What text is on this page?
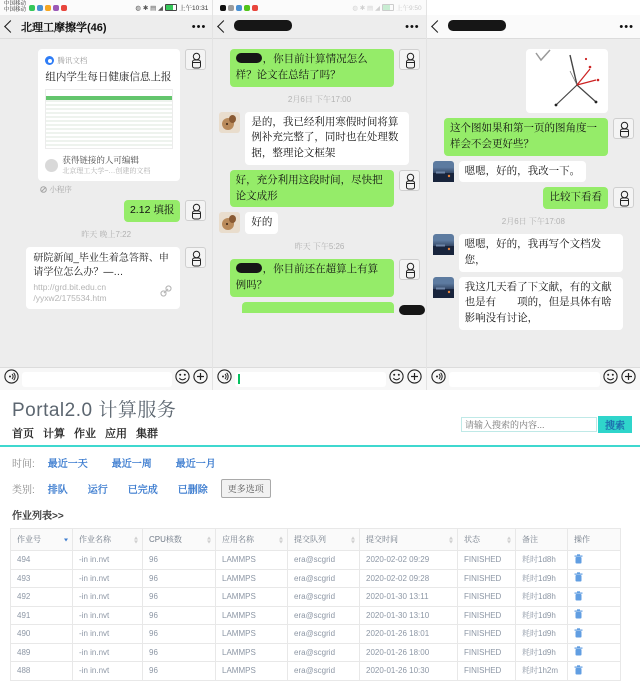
中国移动
中国移动	◍ ✱ ▤ ◢ 上午10:31
北理工摩擦学(46)	•••
腾讯文档
组内学生每日健康信息上报
获得链接的人可编辑
北京理工大学~…创建的文档
小程序
2.12 填报
昨天 晚上7:22
研院新闻_毕业生着急答辩、申请学位怎么办？—…
http://grd.bit.edu.cn
/yyxw2/175534.htm
◍ ✱ ▤ ◢ 上午9:50
•••
，你目前计算情况怎么样？论文在总结了吗？
2月6日 下午17:00
是的，我已经利用寒假时间将算例补充完整了，同时也在处理数据，整理论文框架
好，充分利用这段时间，尽快把论文成形
好的
昨天 下午5:26
，你目前还在超算上有算例吗？
•••
这个图如果和第一页的图角度一样会不会更好些？
嗯嗯，好的，我改一下。
比较下看看
2月6日 下午17:08
嗯嗯，好的，我再写个文档发您，
我这几天看了下文献，有的文献也是有　　项的，但是具体有啥影响没有讨论，
Portal2.0 计算服务
首页 计算 作业 应用 集群
请输入搜索的内容...
搜索
时间: 最近一天 最近一周 最近一月
类别: 排队 运行 已完成 已删除	更多选项
作业列表>>
作业号	作业名称	CPU核数	应用名称	提交队列	提交时间	状态	备注	操作
494	-in in.nvt	96	LAMMPS	era@scgrid	2020-02-02 09:29	FINISHED	耗时1d8h	
493	-in in.nvt	96	LAMMPS	era@scgrid	2020-02-02 09:28	FINISHED	耗时1d9h	
492	-in in.nvt	96	LAMMPS	era@scgrid	2020-01-30 13:11	FINISHED	耗时1d8h	
491	-in in.nvt	96	LAMMPS	era@scgrid	2020-01-30 13:10	FINISHED	耗时1d9h	
490	-in in.nvt	96	LAMMPS	era@scgrid	2020-01-26 18:01	FINISHED	耗时1d9h	
489	-in in.nvt	96	LAMMPS	era@scgrid	2020-01-26 18:00	FINISHED	耗时1d9h	
488	-in in.nvt	96	LAMMPS	era@scgrid	2020-01-26 10:30	FINISHED	耗时1h2m	
